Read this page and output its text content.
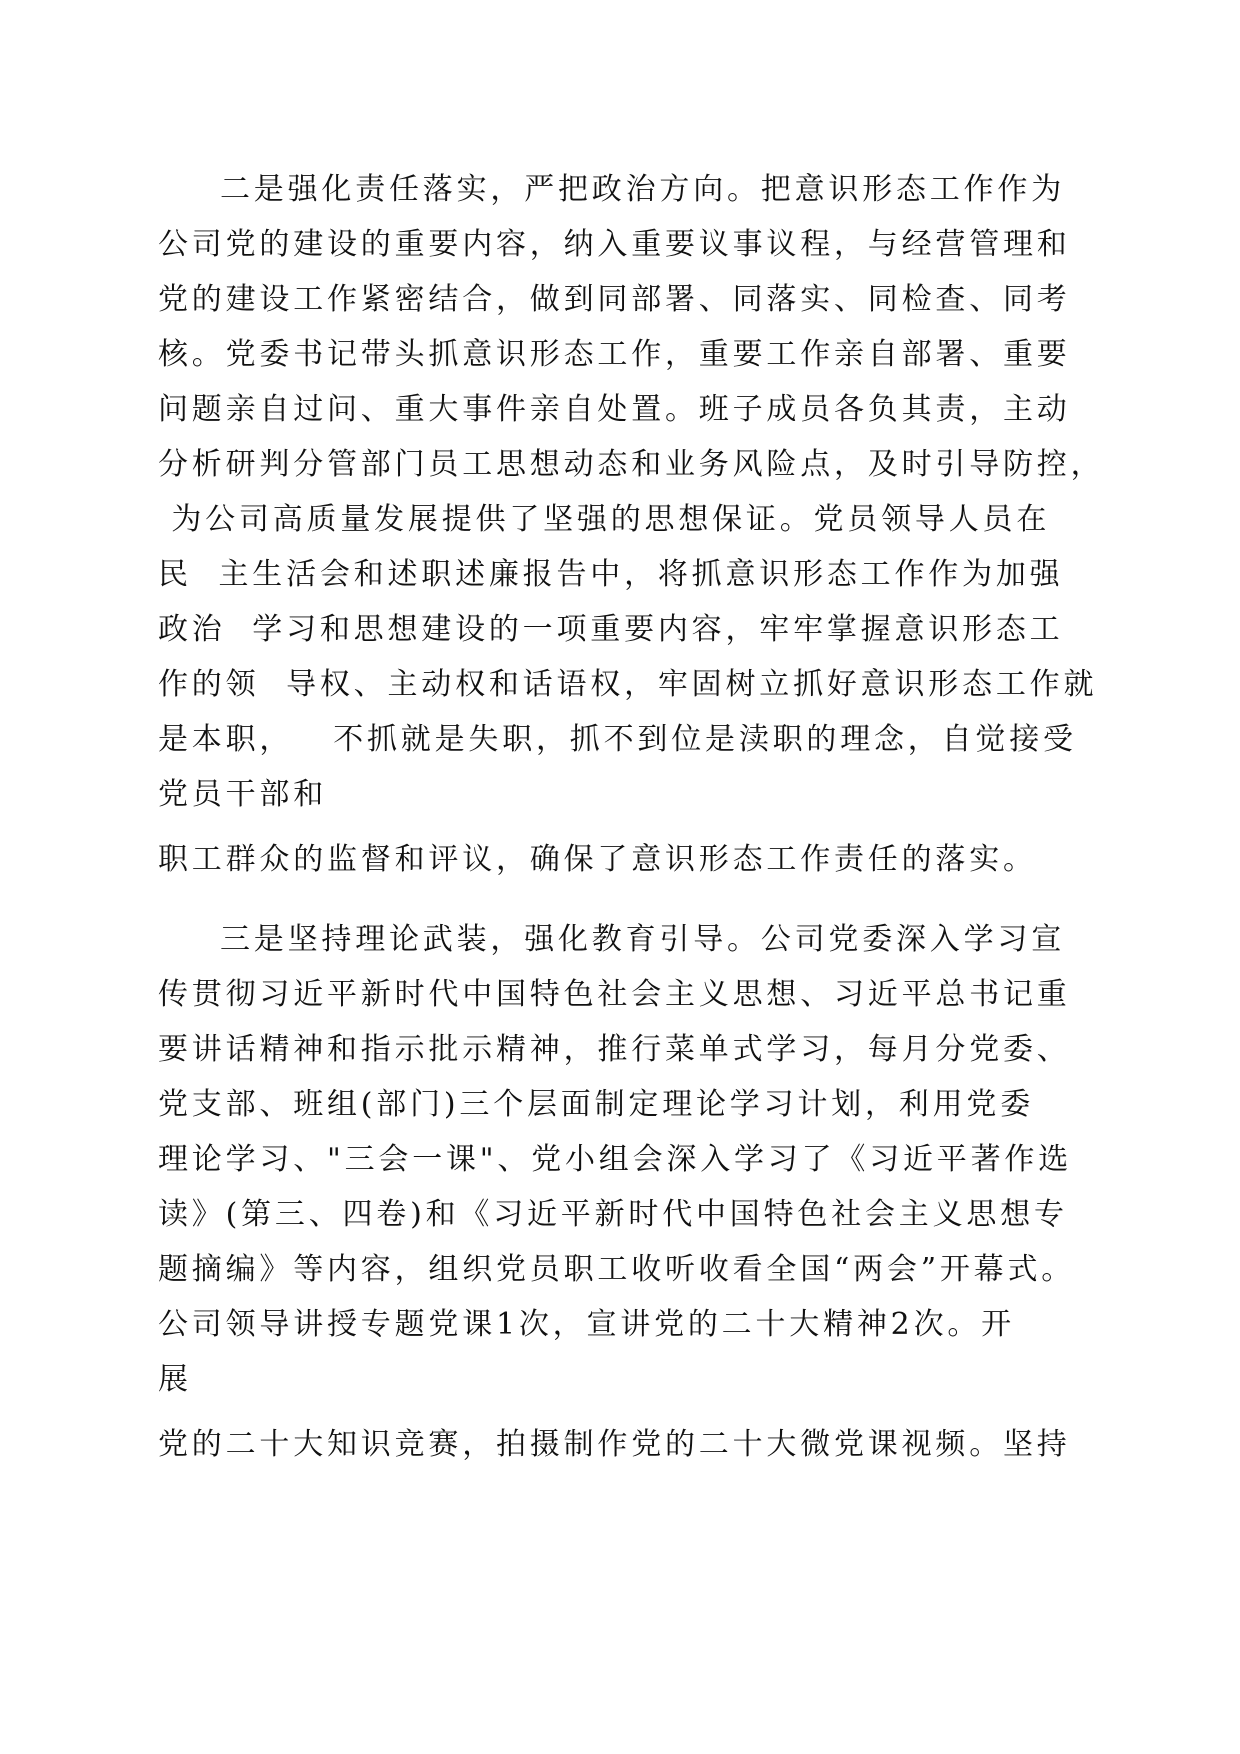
二是强化责任落实，严把政治方向。把意识形态工作作为
公司党的建设的重要内容，纳入重要议事议程，与经营管理和
党的建设工作紧密结合，做到同部署、同落实、同检查、同考
核。党委书记带头抓意识形态工作，重要工作亲自部署、重要
问题亲自过问、重大事件亲自处置。班子成员各负其责，主动
分析研判分管部门员工思想动态和业务风险点，及时引导防控，
为公司高质量发展提供了坚强的思想保证。党员领导人员在
民  主生活会和述职述廉报告中，将抓意识形态工作作为加强
政治  学习和思想建设的一项重要内容，牢牢掌握意识形态工
作的领  导权、主动权和话语权，牢固树立抓好意识形态工作就
是本职，   不抓就是失职，抓不到位是渎职的理念，自觉接受
党员干部和
职工群众的监督和评议，确保了意识形态工作责任的落实。
三是坚持理论武装，强化教育引导。公司党委深入学习宣
传贯彻习近平新时代中国特色社会主义思想、习近平总书记重
要讲话精神和指示批示精神，推行菜单式学习，每月分党委、
党支部、班组(部门)三个层面制定理论学习计划，利用党委
理论学习、"三会一课"、党小组会深入学习了《习近平著作选
读》(第三、四卷)和《习近平新时代中国特色社会主义思想专
题摘编》等内容，组织党员职工收听收看全国“两会”开幕式。
公司领导讲授专题党课1次，宣讲党的二十大精神2次。开
展
党的二十大知识竞赛，拍摄制作党的二十大微党课视频。坚持
